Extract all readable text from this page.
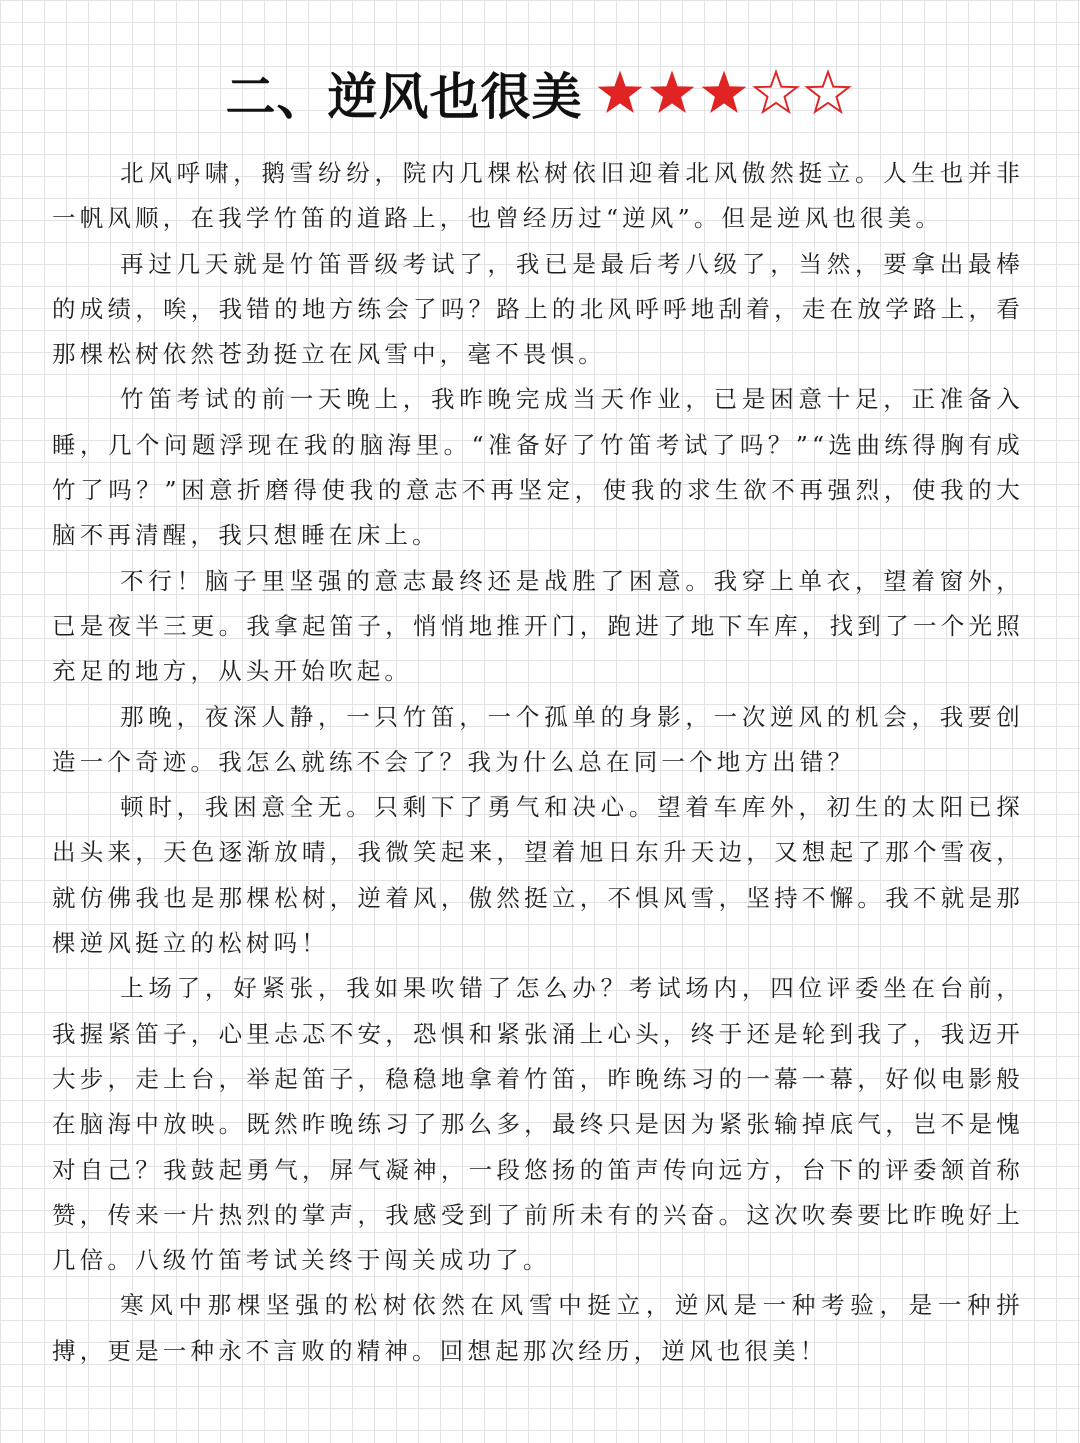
二、逆风也很美

北风呼啸，鹅雪纷纷，院内几棵松树依旧迎着北风傲然挺立。人生也并非一帆风顺，在我学竹笛的道路上，也曾经历过“逆风”。但是逆风也很美。

再过几天就是竹笛晋级考试了，我已是最后考八级了，当然，要拿出最棒的成绩，唉，我错的地方练会了吗？路上的北风呼呼地刮着，走在放学路上，看那棵松树依然苍劲挺立在风雪中，毫不畏惧。

竹笛考试的前一天晚上，我昨晚完成当天作业，已是困意十足，正准备入睡，几个问题浮现在我的脑海里。“准备好了竹笛考试了吗？”“选曲练得胸有成竹了吗？”困意折磨得使我的意志不再坚定，使我的求生欲不再强烈，使我的大脑不再清醒，我只想睡在床上。

不行！脑子里坚强的意志最终还是战胜了困意。我穿上单衣，望着窗外，已是夜半三更。我拿起笛子，悄悄地推开门，跑进了地下车库，找到了一个光照充足的地方，从头开始吹起。

那晚，夜深人静，一只竹笛，一个孤单的身影，一次逆风的机会，我要创造一个奇迹。我怎么就练不会了？我为什么总在同一个地方出错？

顿时，我困意全无。只剩下了勇气和决心。望着车库外，初生的太阳已探出头来，天色逐渐放晴，我微笑起来，望着旭日东升天边，又想起了那个雪夜，就仿佛我也是那棵松树，逆着风，傲然挺立，不惧风雪，坚持不懈。我不就是那棵逆风挺立的松树吗！

上场了，好紧张，我如果吹错了怎么办？考试场内，四位评委坐在台前，我握紧笛子，心里忐忑不安，恐惧和紧张涌上心头，终于还是轮到我了，我迈开大步，走上台，举起笛子，稳稳地拿着竹笛，昨晚练习的一幕一幕，好似电影般在脑海中放映。既然昨晚练习了那么多，最终只是因为紧张输掉底气，岂不是愧对自己？我鼓起勇气，屏气凝神，一段悠扬的笛声传向远方，台下的评委颔首称赞，传来一片热烈的掌声，我感受到了前所未有的兴奋。这次吹奏要比昨晚好上几倍。八级竹笛考试关终于闯关成功了。

寒风中那棵坚强的松树依然在风雪中挺立，逆风是一种考验，是一种拼搏，更是一种永不言败的精神。回想起那次经历，逆风也很美！
